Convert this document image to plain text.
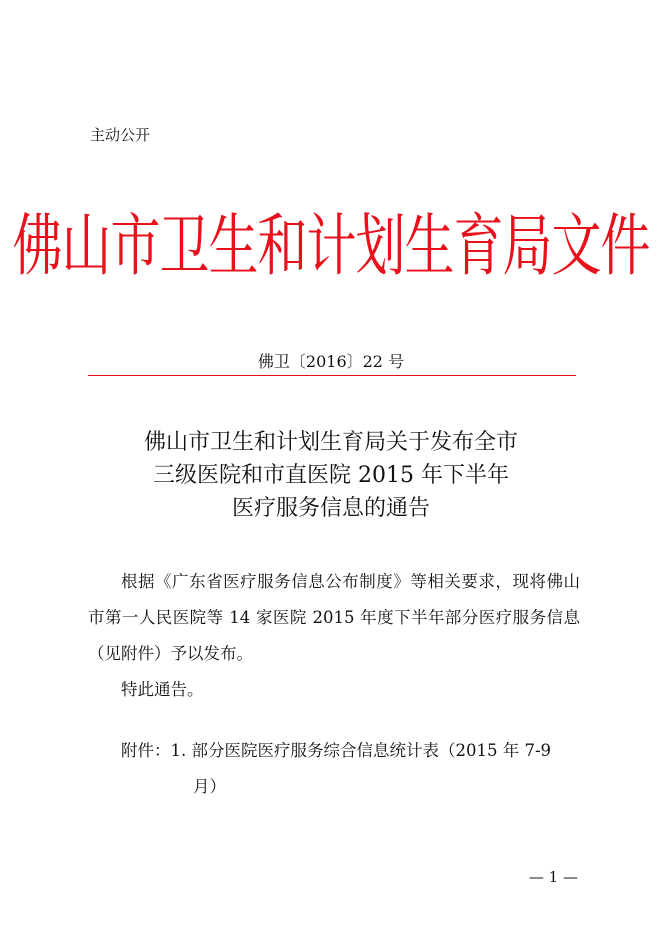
主动公开
佛山市卫生和计划生育局文件
佛卫〔2016〕22 号
佛山市卫生和计划生育局关于发布全市
三级医院和市直医院 2015 年下半年
医疗服务信息的通告

根据《广东省医疗服务信息公布制度》等相关要求，现将佛山市第一人民医院等 14 家医院 2015 年度下半年部分医疗服务信息（见附件）予以发布。

特此通告。

附件：1. 部分医院医疗服务综合信息统计表（2015 年 7-9
月）
— 1 —
